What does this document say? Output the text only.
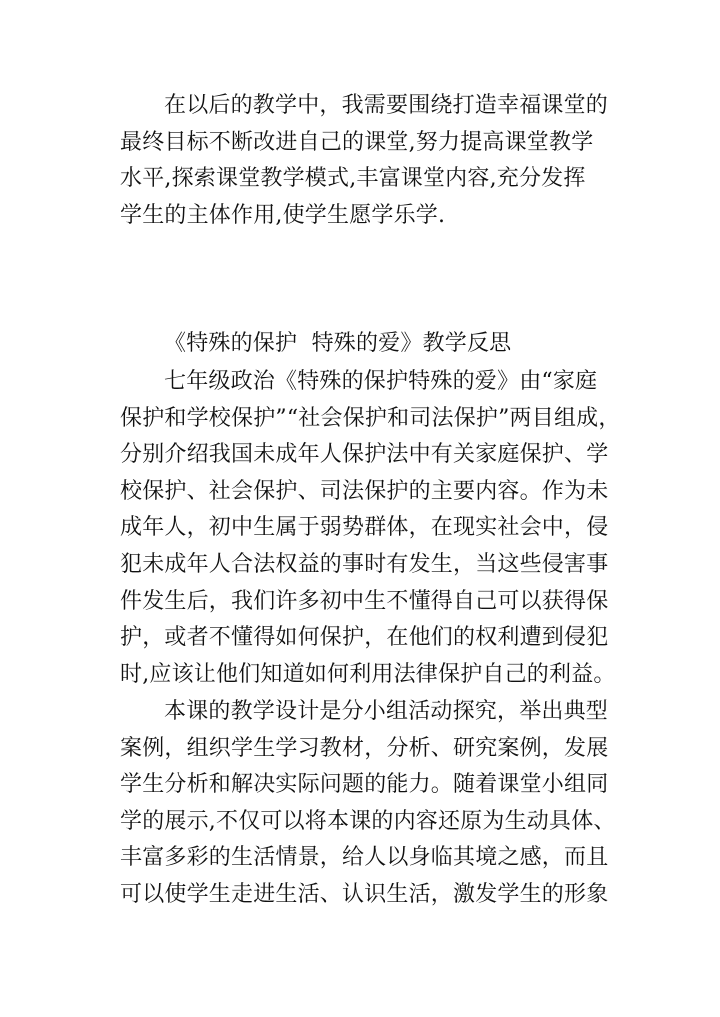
在以后的教学中，我需要围绕打造幸福课堂的
最终目标不断改进自己的课堂,努力提高课堂教学
水平,探索课堂教学模式,丰富课堂内容,充分发挥
学生的主体作用,使学生愿学乐学.
《特殊的保护  特殊的爱》教学反思
七年级政治《特殊的保护特殊的爱》由“家庭
保护和学校保护”“社会保护和司法保护”两目组成，
分别介绍我国未成年人保护法中有关家庭保护、学
校保护、社会保护、司法保护的主要内容。作为未
成年人，初中生属于弱势群体，在现实社会中，侵
犯未成年人合法权益的事时有发生，当这些侵害事
件发生后，我们许多初中生不懂得自己可以获得保
护，或者不懂得如何保护，在他们的权利遭到侵犯
时,应该让他们知道如何利用法律保护自己的利益。
本课的教学设计是分小组活动探究，举出典型
案例，组织学生学习教材，分析、研究案例，发展
学生分析和解决实际问题的能力。随着课堂小组同
学的展示,不仅可以将本课的内容还原为生动具体、
丰富多彩的生活情景，给人以身临其境之感，而且
可以使学生走进生活、认识生活，激发学生的形象
